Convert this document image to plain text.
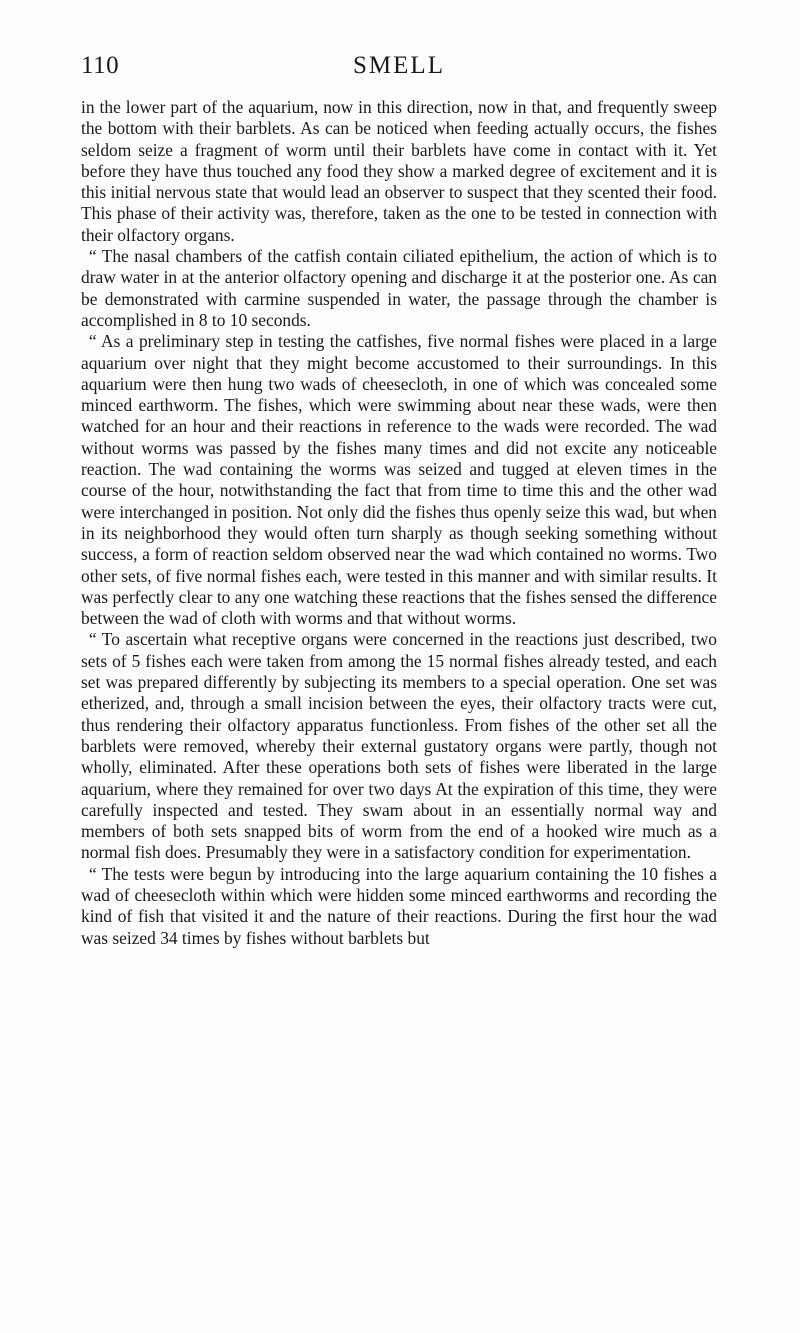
110	SMELL

in the lower part of the aquarium, now in this direction, now in that, and frequently sweep the bottom with their barblets. As can be noticed when feeding actually occurs, the fishes seldom seize a fragment of worm until their barblets have come in contact with it. Yet before they have thus touched any food they show a marked degree of excitement and it is this initial nervous state that would lead an observer to suspect that they scented their food. This phase of their activity was, therefore, taken as the one to be tested in connection with their olfactory organs.

“ The nasal chambers of the catfish contain ciliated epithelium, the action of which is to draw water in at the anterior olfactory opening and discharge it at the posterior one. As can be demonstrated with carmine suspended in water, the passage through the chamber is accomplished in 8 to 10 seconds.

“ As a preliminary step in testing the catfishes, five normal fishes were placed in a large aquarium over night that they might become accustomed to their surroundings. In this aquarium were then hung two wads of cheesecloth, in one of which was concealed some minced earthworm. The fishes, which were swimming about near these wads, were then watched for an hour and their reactions in reference to the wads were recorded. The wad without worms was passed by the fishes many times and did not excite any noticeable reaction. The wad containing the worms was seized and tugged at eleven times in the course of the hour, notwithstanding the fact that from time to time this and the other wad were interchanged in position. Not only did the fishes thus openly seize this wad, but when in its neighborhood they would often turn sharply as though seeking something without success, a form of reaction seldom observed near the wad which contained no worms. Two other sets, of five normal fishes each, were tested in this manner and with similar results. It was perfectly clear to any one watching these reactions that the fishes sensed the difference between the wad of cloth with worms and that without worms.

“ To ascertain what receptive organs were concerned in the reactions just described, two sets of 5 fishes each were taken from among the 15 normal fishes already tested, and each set was prepared differently by subjecting its members to a special operation. One set was etherized, and, through a small incision between the eyes, their olfactory tracts were cut, thus rendering their olfactory apparatus functionless. From fishes of the other set all the barblets were removed, whereby their external gustatory organs were partly, though not wholly, eliminated. After these operations both sets of fishes were liberated in the large aquarium, where they remained for over two days At the expiration of this time, they were carefully inspected and tested. They swam about in an essentially normal way and members of both sets snapped bits of worm from the end of a hooked wire much as a normal fish does. Presumably they were in a satisfactory condition for experimentation.

“ The tests were begun by introducing into the large aquarium containing the 10 fishes a wad of cheesecloth within which were hidden some minced earthworms and recording the kind of fish that visited it and the nature of their reactions. During the first hour the wad was seized 34 times by fishes without barblets but
